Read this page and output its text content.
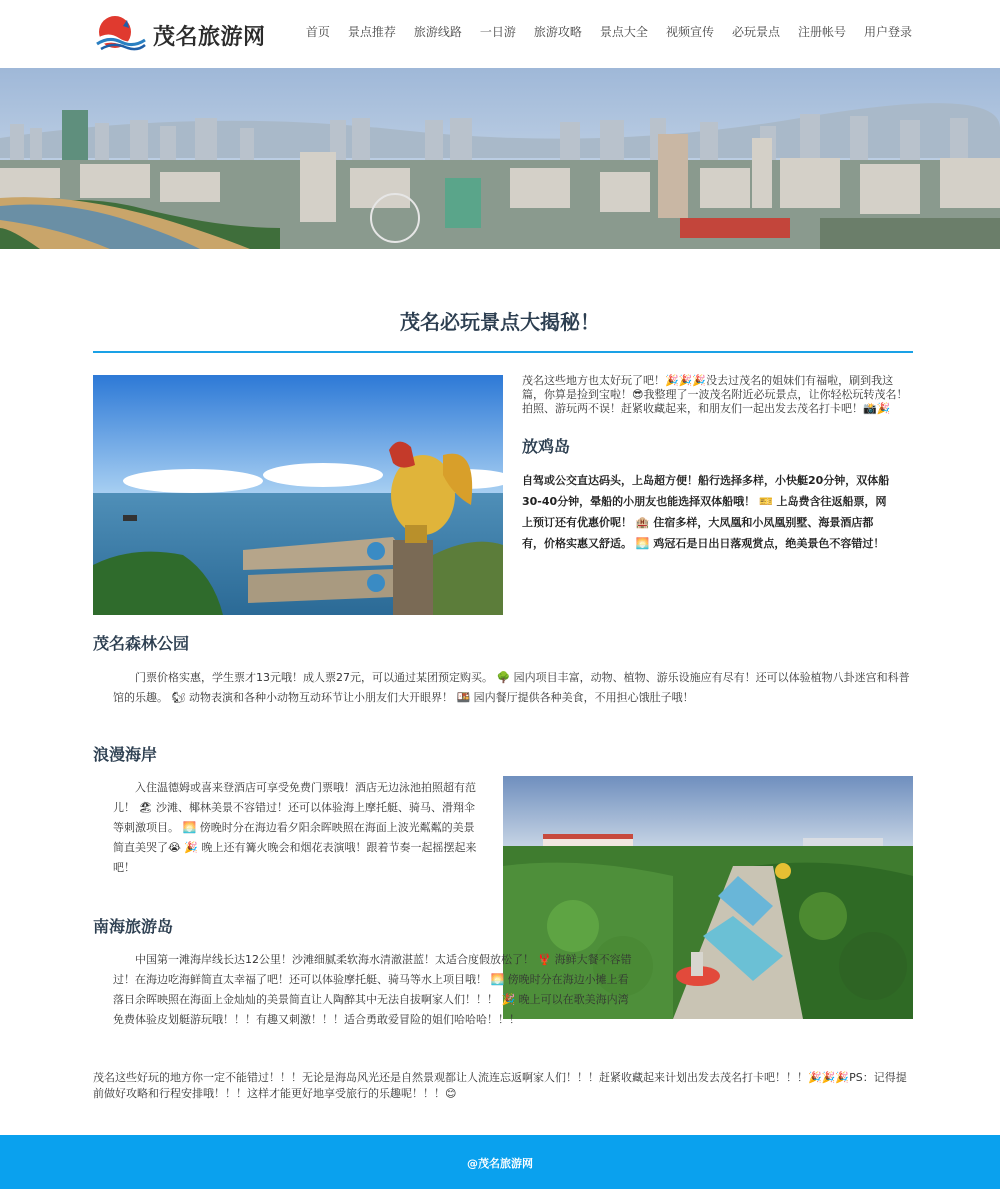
茂名旅游网	首页 景点推荐 旅游线路 一日游 旅游攻略 景点大全 视频宣传 必玩景点 注册帐号 用户登录
茂名必玩景点大揭秘！
茂名这些地方也太好玩了吧！🎉🎉🎉没去过茂名的姐妹们有福啦，刷到我这篇，你算是捡到宝啦！😎我整理了一波茂名附近必玩景点，让你轻松玩转茂名！拍照、游玩两不误！赶紧收藏起来，和朋友们一起出发去茂名打卡吧！📸🎉
放鸡岛
自驾或公交直达码头，上岛超方便！船行选择多样，小快艇20分钟，双体船30-40分钟，晕船的小朋友也能选择双体船哦！ 🎫 上岛费含往返船票，网上预订还有优惠价呢！ 🏨 住宿多样，大凤凰和小凤凰别墅、海景酒店都有，价格实惠又舒适。 🌅 鸡冠石是日出日落观赏点，绝美景色不容错过！
茂名森林公园
门票价格实惠，学生票才13元哦！成人票27元，可以通过某团预定购买。 🌳 园内项目丰富，动物、植物、游乐设施应有尽有！还可以体验植物八卦迷宫和科普馆的乐趣。 🐿 动物表演和各种小动物互动环节让小朋友们大开眼界！ 🍱 园内餐厅提供各种美食，不用担心饿肚子哦！
浪漫海岸
入住温德姆或喜来登酒店可享受免费门票哦！酒店无边泳池拍照超有范儿！ 🏖 沙滩、椰林美景不容错过！还可以体验海上摩托艇、骑马、滑翔伞等刺激项目。 🌅 傍晚时分在海边看夕阳余晖映照在海面上波光粼粼的美景简直美哭了😭 🎉 晚上还有篝火晚会和烟花表演哦！跟着节奏一起摇摆起来吧！
南海旅游岛
中国第一滩海岸线长达12公里！沙滩细腻柔软海水清澈湛蓝！太适合度假放松了！ 🦞 海鲜大餐不容错过！在海边吃海鲜简直太幸福了吧！还可以体验摩托艇、骑马等水上项目哦！ 🌅 傍晚时分在海边小摊上看落日余晖映照在海面上金灿灿的美景简直让人陶醉其中无法自拔啊家人们！！！ 🎉 晚上可以在歌美海内湾免费体验皮划艇游玩哦！！！有趣又刺激！！！适合勇敢爱冒险的姐们哈哈哈！！！
茂名这些好玩的地方你一定不能错过！！！无论是海岛风光还是自然景观都让人流连忘返啊家人们！！！赶紧收藏起来计划出发去茂名打卡吧！！！🎉🎉🎉PS：记得提前做好攻略和行程安排哦！！！这样才能更好地享受旅行的乐趣呢！！！😊
@茂名旅游网
